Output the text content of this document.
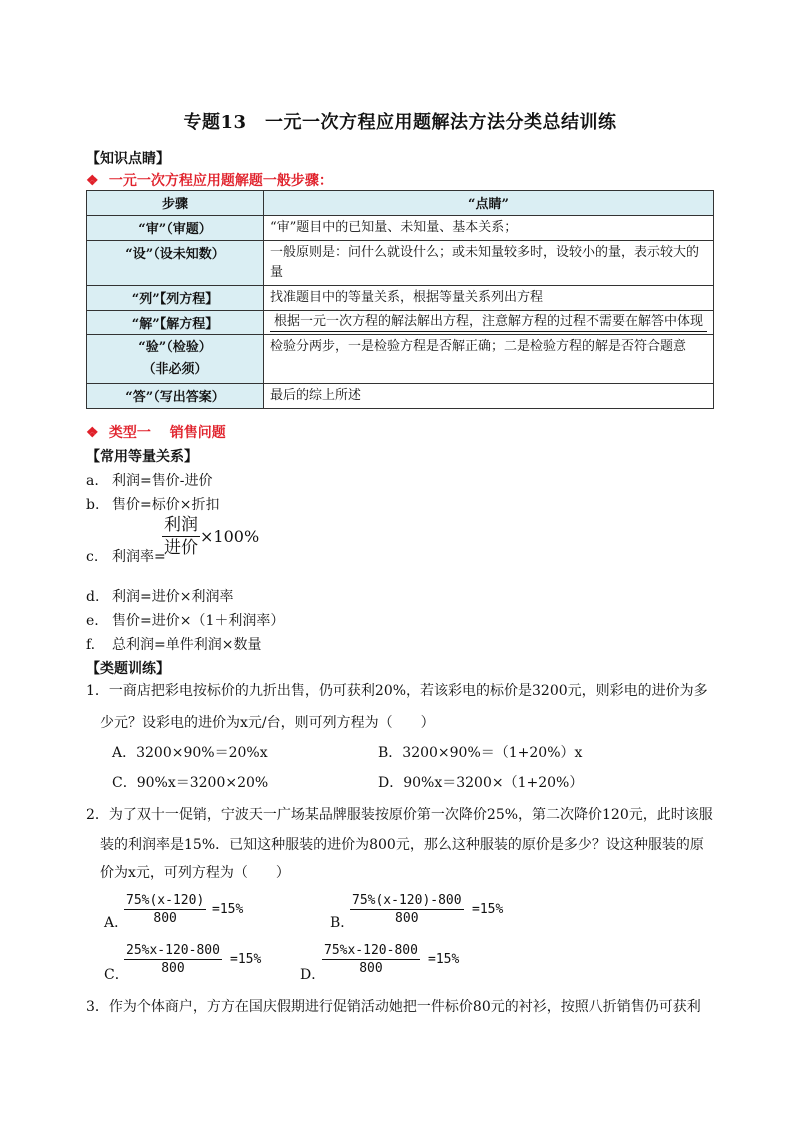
专题13　一元一次方程应用题解法方法分类总结训练
【知识点睛】
❖ 一元一次方程应用题解题一般步骤：
步骤	“点睛”
“审”（审题）	“审”题目中的已知量、未知量、基本关系；
“设”（设未知数）	一般原则是：问什么就设什么；或未知量较多时，设较小的量，表示较大的量
“列”【列方程】	找准题目中的等量关系，根据等量关系列出方程
“解”【解方程】	根据一元一次方程的解法解出方程，注意解方程的过程不需要在解答中体现

“验”（检验）
（非必须）	检验分两步，一是检验方程是否解正确；二是检验方程的解是否符合题意
“答”（写出答案）	最后的综上所述
❖ 类型一　 销售问题
【常用等量关系】
a. 利润=售价-进价
b. 售价=标价×折扣
c. 利润率=
利润
进价
×100%
d. 利润=进价×利润率
e. 售价=进价×（1＋利润率）
f. 总利润=单件利润×数量
【类题训练】
1．一商店把彩电按标价的九折出售，仍可获利20%，若该彩电的标价是3200元，则彩电的进价为多
少元？设彩电的进价为x元/台，则可列方程为（　　）
A．3200×90%＝20%x	B．3200×90%＝（1+20%）x
C．90%x＝3200×20%	D．90%x＝3200×（1+20%）
2．为了双十一促销，宁波天一广场某品牌服装按原价第一次降价25%，第二次降价120元，此时该服
装的利润率是15%．已知这种服装的进价为800元，那么这种服装的原价是多少？设这种服装的原
价为x元，可列方程为（　　）
A．
$\frac{75\%(x-120)}{800} =15\%$
B．
$\frac{75\%(x-120)-800}{800} =15\%$
C．
$\frac{25\%x-120-800}{800} =15\%$
D．
$\frac{75\%x-120-800}{800} =15\%$
3．作为个体商户，方方在国庆假期进行促销活动她把一件标价80元的衬衫，按照八折销售仍可获利
